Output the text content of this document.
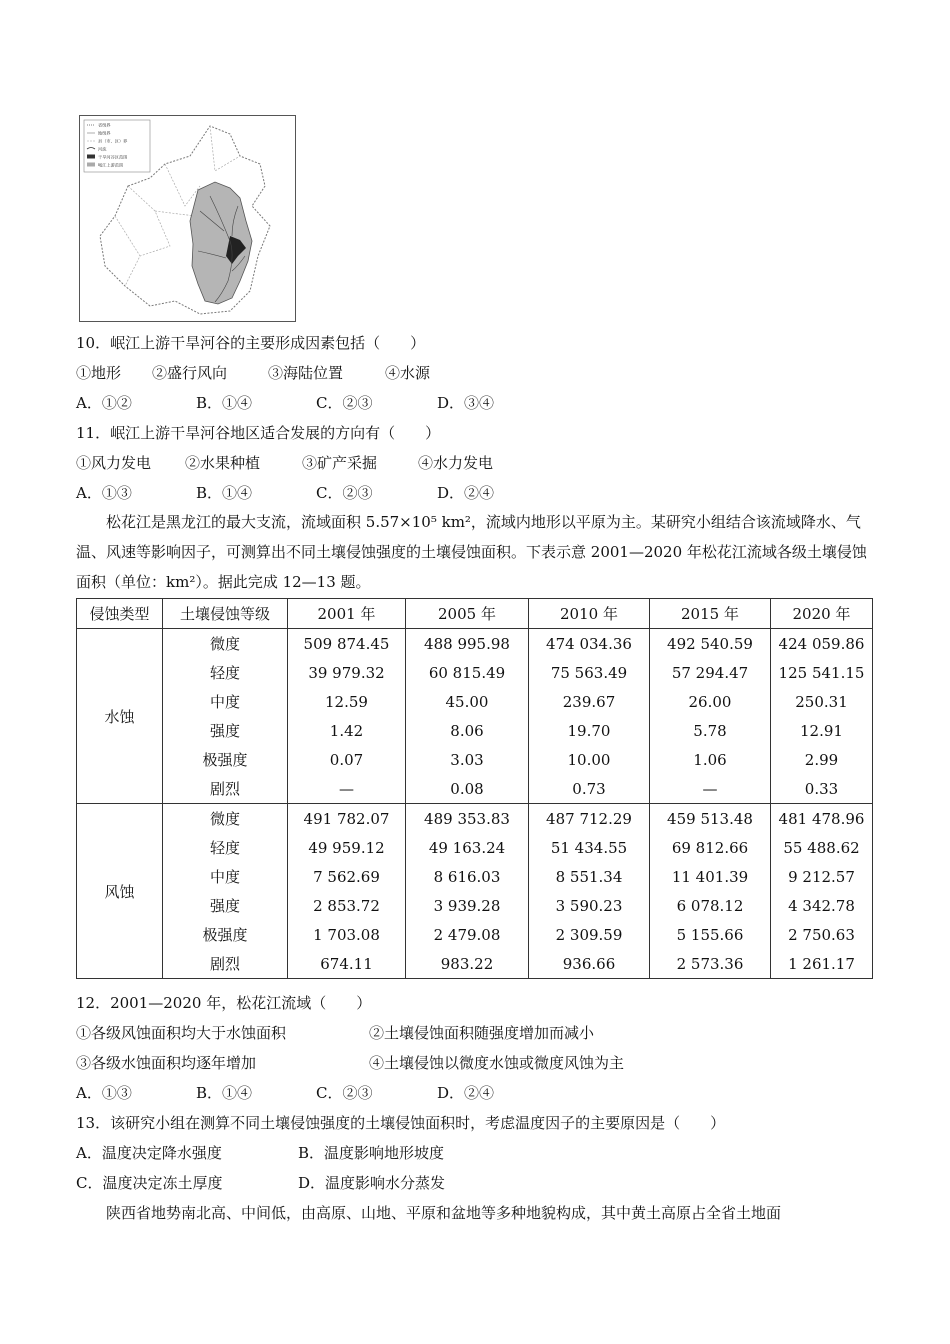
省级界
地级界
县（市、区）界
河流
干旱河谷区范围
岷江上游范围
10．岷江上游干旱河谷的主要形成因素包括（　　）
①地形 ②盛行风向	③海陆位置	④水源
A．①②	B．①④	C．②③	D．③④
11．岷江上游干旱河谷地区适合发展的方向有（　　）
①风力发电 ②水果种植	③矿产采掘	④水力发电
A．①③	B．①④	C．②③	D．②④
松花江是黑龙江的最大支流，流域面积 5.57×10⁵ km²，流域内地形以平原为主。某研究小组结合该流域降水、气温、风速等影响因子，可测算出不同土壤侵蚀强度的土壤侵蚀面积。下表示意 2001—2020 年松花江流域各级土壤侵蚀面积（单位：km²）。据此完成 12—13 题。
侵蚀类型	土壤侵蚀等级	2001 年	2005 年	2010 年	2015 年	2020 年
水蚀	微度	509 874.45	488 995.98	474 034.36	492 540.59	424 059.86
	轻度	39 979.32	60 815.49	75 563.49	57 294.47	125 541.15
	中度	12.59	45.00	239.67	26.00	250.31
	强度	1.42	8.06	19.70	5.78	12.91
	极强度	0.07	3.03	10.00	1.06	2.99
	剧烈	—	0.08	0.73	—	0.33
风蚀	微度	491 782.07	489 353.83	487 712.29	459 513.48	481 478.96
	轻度	49 959.12	49 163.24	51 434.55	69 812.66	55 488.62
	中度	7 562.69	8 616.03	8 551.34	11 401.39	9 212.57
	强度	2 853.72	3 939.28	3 590.23	6 078.12	4 342.78
	极强度	1 703.08	2 479.08	2 309.59	5 155.66	2 750.63
	剧烈	674.11	983.22	936.66	2 573.36	1 261.17
12．2001—2020 年，松花江流域（　　）
①各级风蚀面积均大于水蚀面积	②土壤侵蚀面积随强度增加而减小
③各级水蚀面积均逐年增加	④土壤侵蚀以微度水蚀或微度风蚀为主
A．①③	B．①④	C．②③	D．②④
13．该研究小组在测算不同土壤侵蚀强度的土壤侵蚀面积时，考虑温度因子的主要原因是（　　）
A．温度决定降水强度	B．温度影响地形坡度
C．温度决定冻土厚度	D．温度影响水分蒸发
陕西省地势南北高、中间低，由高原、山地、平原和盆地等多种地貌构成，其中黄土高原占全省土地面
